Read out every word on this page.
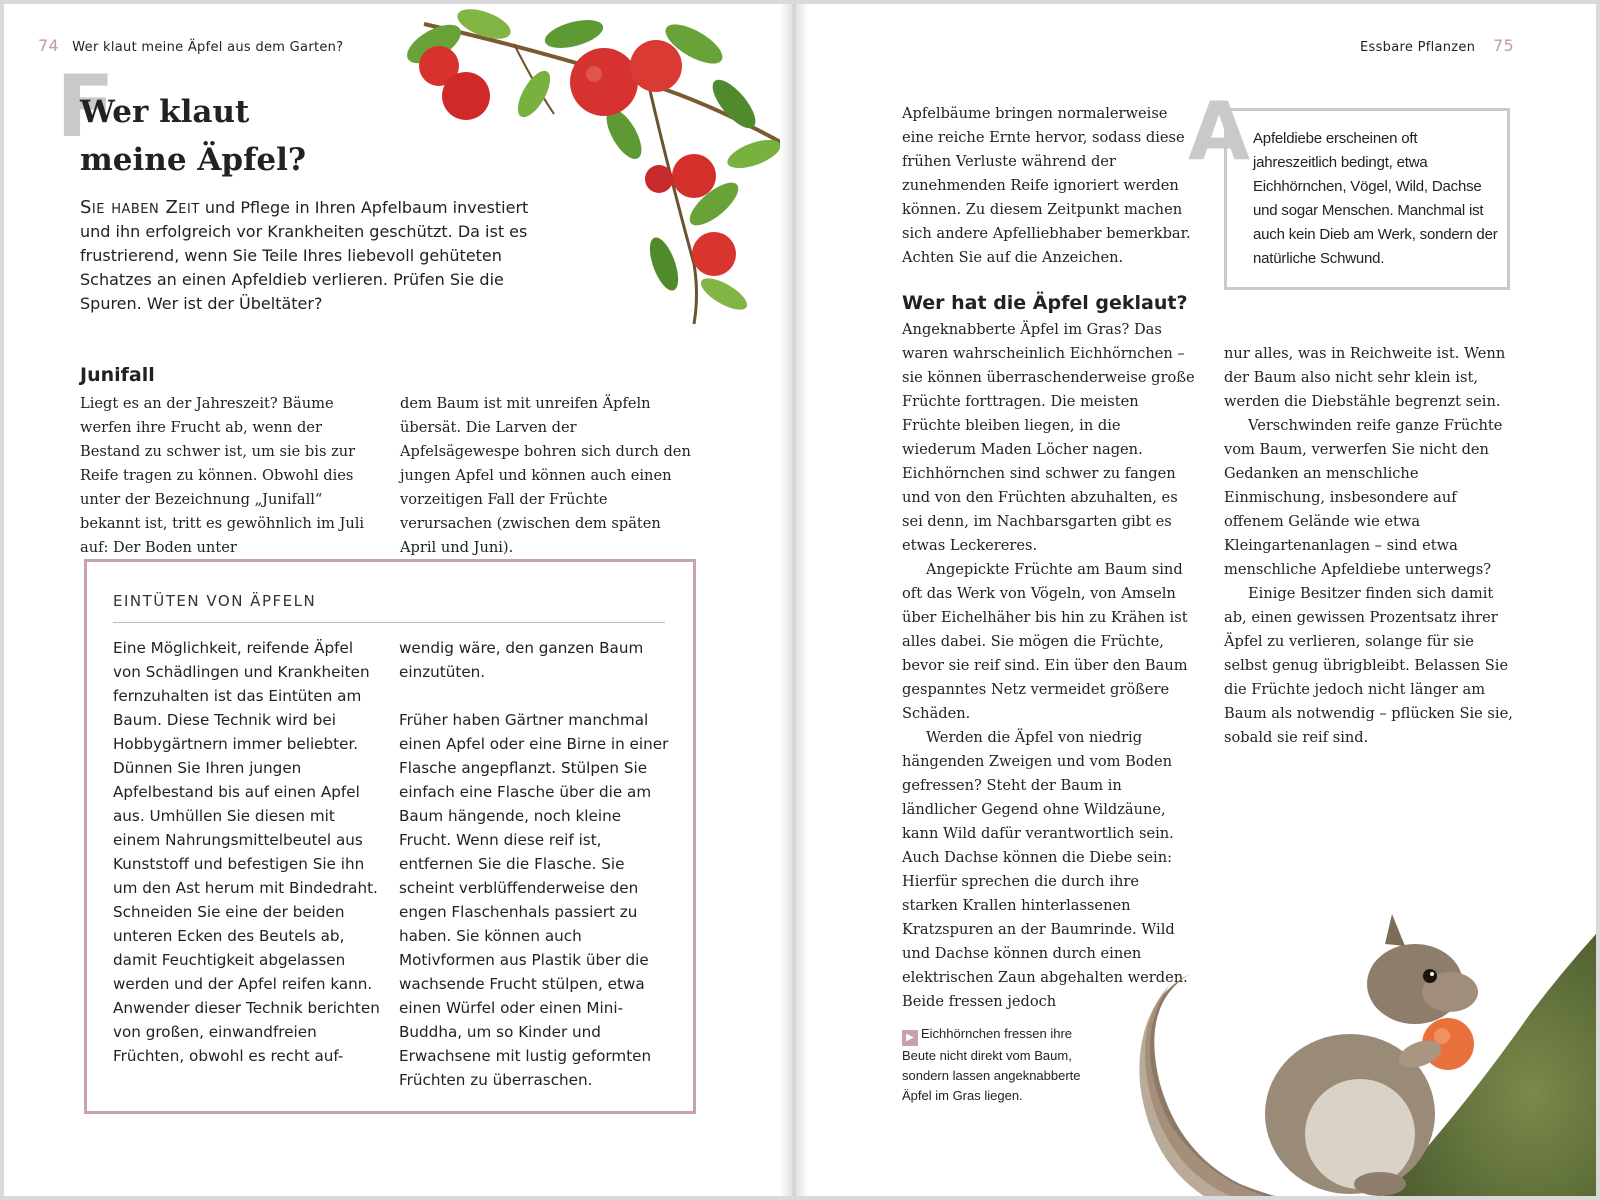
74 Wer klaut meine Äpfel aus dem Garten?
F
Wer klaut
meine Äpfel?

Sie haben Zeit und Pflege in Ihren Apfelbaum investiert und ihn erfolgreich vor Krankheiten geschützt. Da ist es frustrierend, wenn Sie Teile Ihres liebevoll gehüteten Schatzes an einen Apfeldieb verlieren. Prüfen Sie die Spuren. Wer ist der Übeltäter?

Junifall

Liegt es an der Jahreszeit? Bäume werfen ihre Frucht ab, wenn der Bestand zu schwer ist, um sie bis zur Reife tragen zu können. Obwohl dies unter der Bezeichnung „Junifall“ bekannt ist, tritt es gewöhnlich im Juli auf: Der Boden unter

dem Baum ist mit unreifen Äpfeln übersät. Die Larven der Apfelsägewespe bohren sich durch den jungen Apfel und können auch einen vorzeitigen Fall der Früchte verursachen (zwischen dem späten April und Juni).

EINTÜTEN VON ÄPFELN

Eine Möglichkeit, reifende Äpfel von Schädlingen und Krankheiten fernzuhalten ist das Eintüten am Baum. Diese Technik wird bei Hobbygärtnern immer beliebter. Dünnen Sie Ihren jungen Apfelbestand bis auf einen Apfel aus. Umhüllen Sie diesen mit einem Nahrungsmittelbeutel aus Kunststoff und befestigen Sie ihn um den Ast herum mit Bindedraht. Schneiden Sie eine der beiden unteren Ecken des Beutels ab, damit Feuchtigkeit abgelassen werden und der Apfel reifen kann. Anwender dieser Technik berichten von großen, einwandfreien Früchten, obwohl es recht auf-

wendig wäre, den ganzen Baum einzutüten.

Früher haben Gärtner manchmal einen Apfel oder eine Birne in einer Flasche angepflanzt. Stülpen Sie einfach eine Flasche über die am Baum hängende, noch kleine Frucht. Wenn diese reif ist, entfernen Sie die Flasche. Sie scheint verblüffenderweise den engen Flaschenhals passiert zu haben. Sie können auch Motivformen aus Plastik über die wachsende Frucht stülpen, etwa einen Würfel oder einen Mini-Buddha, um so Kinder und Erwachsene mit lustig geformten Früchten zu überraschen.

Essbare Pflanzen 75

Apfelbäume bringen normalerweise eine reiche Ernte hervor, sodass diese frühen Verluste während der zunehmenden Reife ignoriert werden können. Zu diesem Zeitpunkt machen sich andere Apfelliebhaber bemerkbar. Achten Sie auf die Anzeichen.

Apfeldiebe erscheinen oft jahreszeitlich bedingt, etwa Eichhörnchen, Vögel, Wild, Dachse und sogar Menschen. Manchmal ist auch kein Dieb am Werk, sondern der natürliche Schwund.

A
Wer hat die Äpfel geklaut?

Angeknabberte Äpfel im Gras? Das waren wahrscheinlich Eichhörnchen – sie können überraschenderweise große Früchte forttragen. Die meisten Früchte bleiben liegen, in die wiederum Maden Löcher nagen. Eichhörnchen sind schwer zu fangen und von den Früchten abzuhalten, es sei denn, im Nachbarsgarten gibt es etwas Leckereres.

Angepickte Früchte am Baum sind oft das Werk von Vögeln, von Amseln über Eichelhäher bis hin zu Krähen ist alles dabei. Sie mögen die Früchte, bevor sie reif sind. Ein über den Baum gespanntes Netz vermeidet größere Schäden.

Werden die Äpfel von niedrig hängenden Zweigen und vom Boden gefressen? Steht der Baum in ländlicher Gegend ohne Wildzäune, kann Wild dafür verantwortlich sein. Auch Dachse können die Diebe sein: Hierfür sprechen die durch ihre starken Krallen hinterlassenen Kratzspuren an der Baumrinde. Wild und Dachse können durch einen elektrischen Zaun abgehalten werden. Beide fressen jedoch

nur alles, was in Reichweite ist. Wenn der Baum also nicht sehr klein ist, werden die Diebstähle begrenzt sein.

Verschwinden reife ganze Früchte vom Baum, verwerfen Sie nicht den Gedanken an menschliche Einmischung, insbesondere auf offenem Gelände wie etwa Kleingartenanlagen – sind etwa menschliche Apfeldiebe unterwegs?

Einige Besitzer finden sich damit ab, einen gewissen Prozentsatz ihrer Äpfel zu verlieren, solange für sie selbst genug übrigbleibt. Belassen Sie die Früchte jedoch nicht länger am Baum als notwendig – pflücken Sie sie, sobald sie reif sind.

▶ Eichhörnchen fressen ihre Beute nicht direkt vom Baum, sondern lassen angeknabberte Äpfel im Gras liegen.
